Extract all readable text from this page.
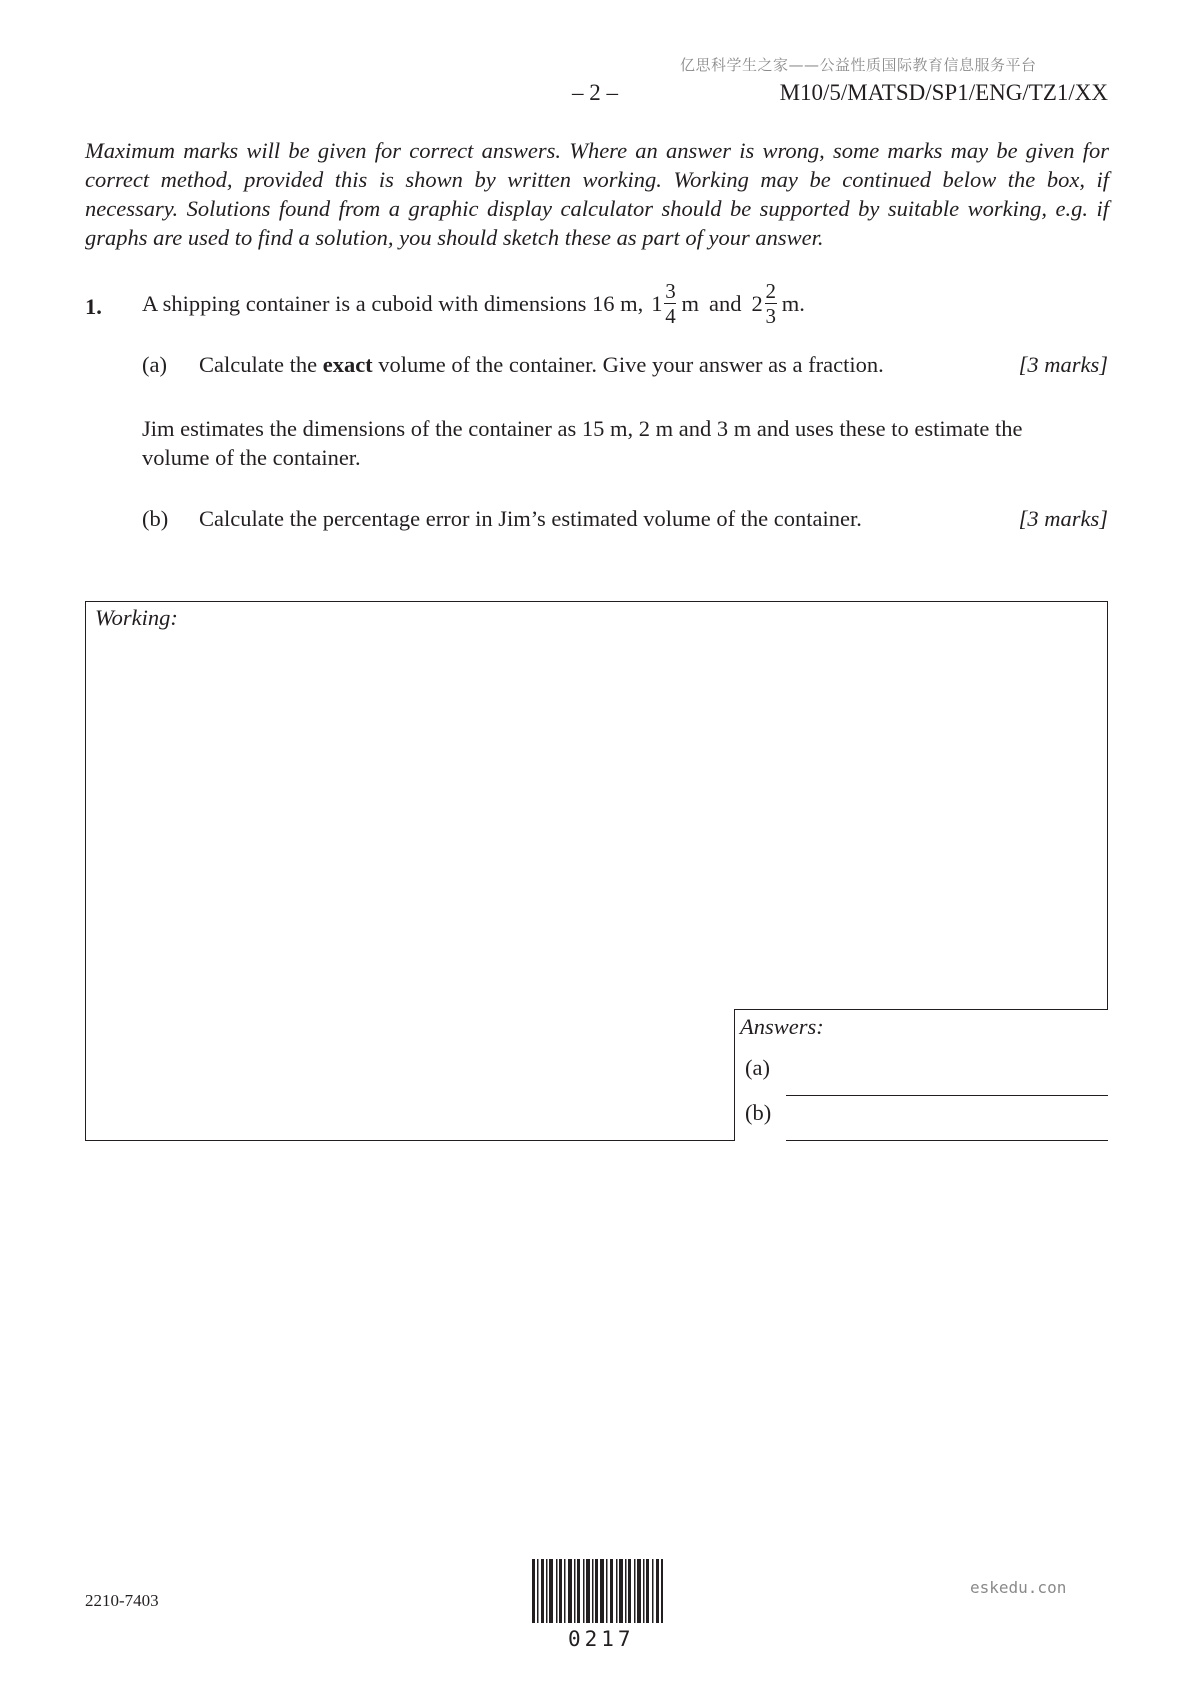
亿思科学生之家——公益性质国际教育信息服务平台
– 2 –	M10/5/MATSD/SP1/ENG/TZ1/XX
Maximum marks will be given for correct answers. Where an answer is wrong, some marks may be given for correct method, provided this is shown by written working. Working may be continued below the box, if necessary. Solutions found from a graphic display calculator should be supported by suitable working, e.g. if graphs are used to find a solution, you should sketch these as part of your answer.
1. A shipping container is a cuboid with dimensions 16 m, $1 \frac{3}{4}$ m and $2 \frac{2}{3} m$.
(a) Calculate the exact volume of the container. Give your answer as a fraction.	[3 marks]
Jim estimates the dimensions of the container as 15 m, 2 m and 3 m and uses these to estimate the volume of the container.
(b) Calculate the percentage error in Jim’s estimated volume of the container.	[3 marks]
Working:
Answers:
(a)
(b)
2210-7403
0217
eskedu.con
